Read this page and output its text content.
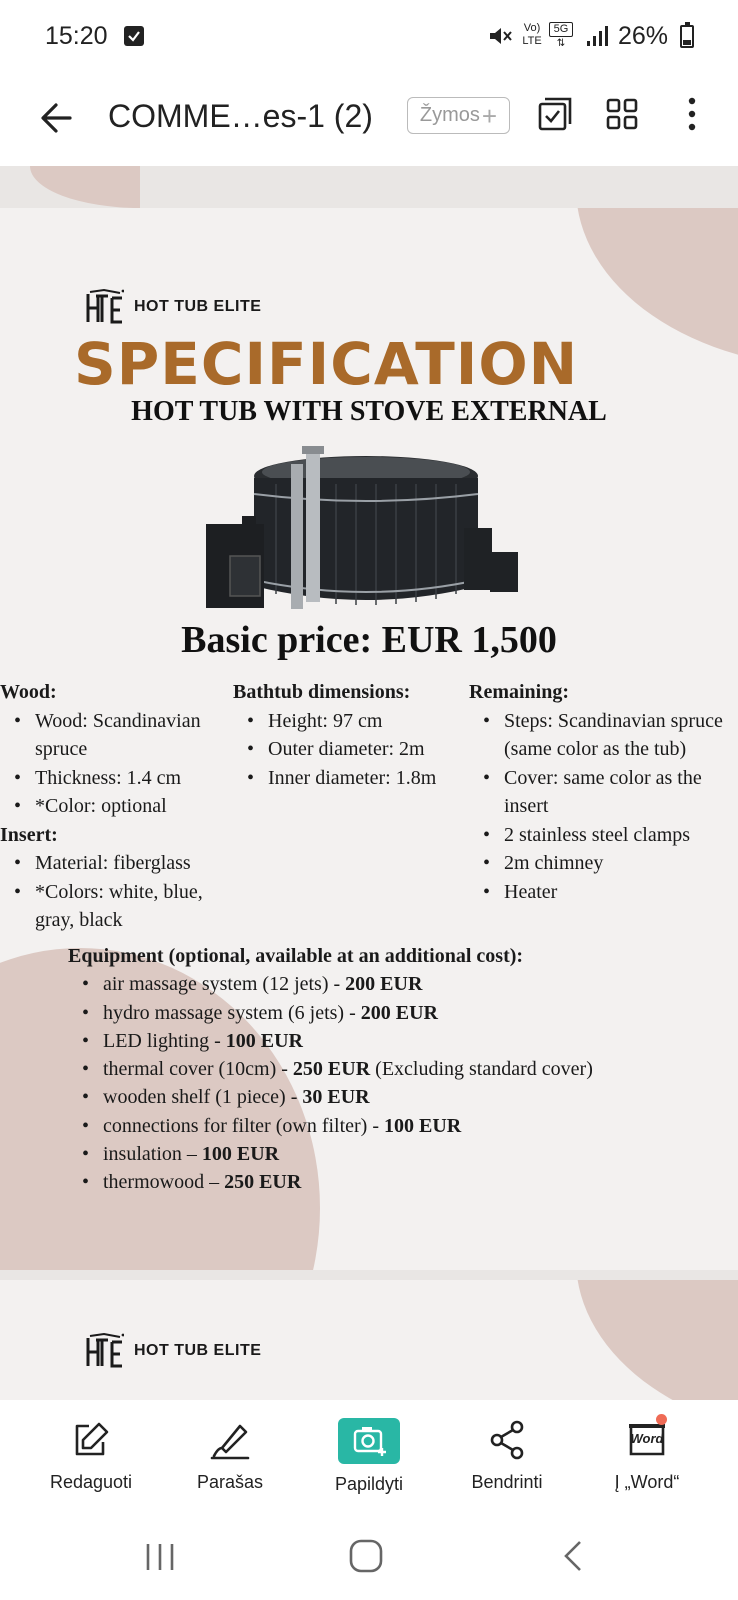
15:20	Vo)
LTE
5G
⇅	26%
COMME…es-1 (2) Žymos +
HOT TUB ELITE
SPECIFICATION
HOT TUB WITH STOVE EXTERNAL
Basic price: EUR 1,500
Wood:
• Wood: Scandinavian spruce
• Thickness: 1.4 cm
• *Color: optional
Insert:
• Material: fiberglass
• *Colors: white, blue, gray, black
Bathtub dimensions:
• Height: 97 cm
• Outer diameter: 2m
• Inner diameter: 1.8m
Remaining:
• Steps: Scandinavian spruce (same color as the tub)
• Cover: same color as the insert
• 2 stainless steel clamps
• 2m chimney
• Heater
Equipment (optional, available at an additional cost):
• air massage system (12 jets) - 200 EUR
• hydro massage system (6 jets) - 200 EUR
• LED lighting - 100 EUR
• thermal cover (10cm) - 250 EUR (Excluding standard cover)
• wooden shelf (1 piece) - 30 EUR
• connections for filter (own filter) - 100 EUR
• insulation – 100 EUR
• thermowood – 250 EUR
HOT TUB ELITE
Redaguoti	Parašas	Papildyti	Bendrinti
Word
Į „Word“
